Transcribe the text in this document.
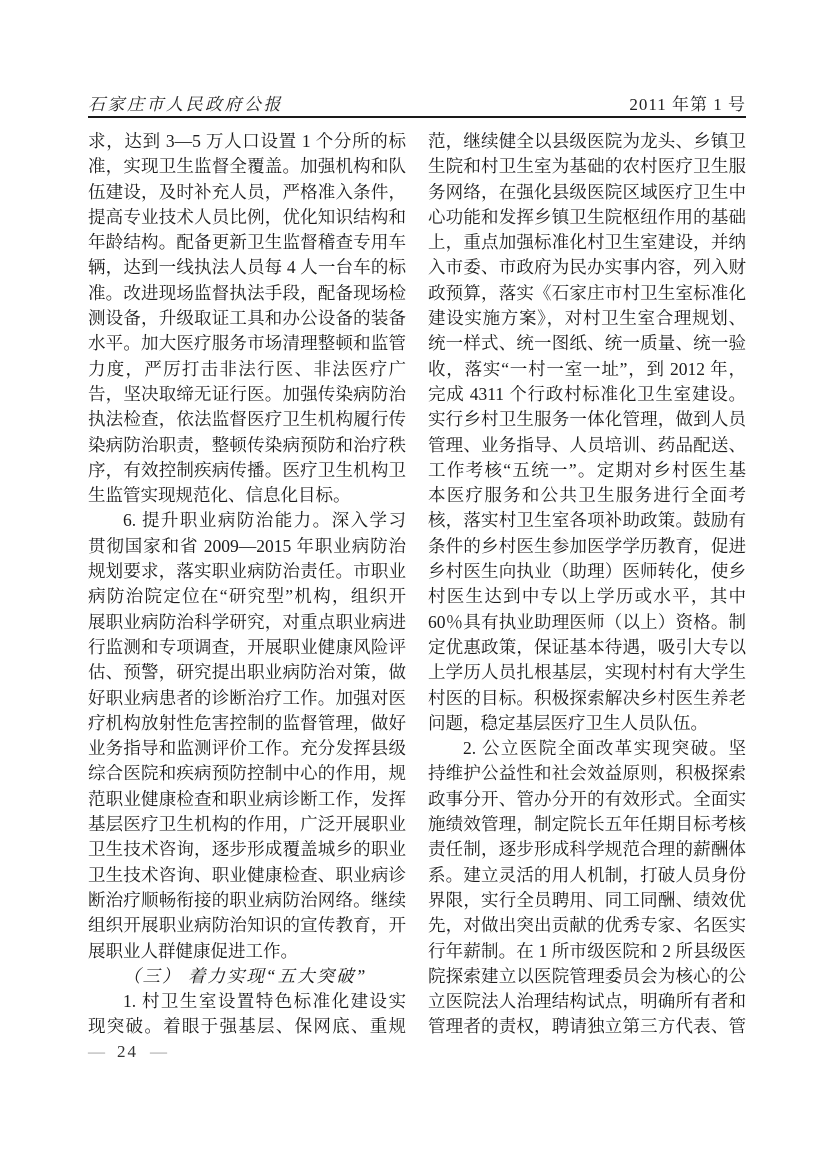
石家庄市人民政府公报	2011 年第 1 号
求，达到 3—5 万人口设置 1 个分所的标
准，实现卫生监督全覆盖。加强机构和队
伍建设，及时补充人员，严格准入条件，
提高专业技术人员比例，优化知识结构和
年龄结构。配备更新卫生监督稽查专用车
辆，达到一线执法人员每 4 人一台车的标
准。改进现场监督执法手段，配备现场检
测设备，升级取证工具和办公设备的装备
水平。加大医疗服务市场清理整顿和监管
力度，严厉打击非法行医、非法医疗广
告，坚决取缔无证行医。加强传染病防治
执法检查，依法监督医疗卫生机构履行传
染病防治职责，整顿传染病预防和治疗秩
序，有效控制疾病传播。医疗卫生机构卫
生监管实现规范化、信息化目标。
6. 提升职业病防治能力。深入学习
贯彻国家和省 2009—2015 年职业病防治
规划要求，落实职业病防治责任。市职业
病防治院定位在“研究型”机构，组织开
展职业病防治科学研究，对重点职业病进
行监测和专项调查，开展职业健康风险评
估、预警，研究提出职业病防治对策，做
好职业病患者的诊断治疗工作。加强对医
疗机构放射性危害控制的监督管理，做好
业务指导和监测评价工作。充分发挥县级
综合医院和疾病预防控制中心的作用，规
范职业健康检查和职业病诊断工作，发挥
基层医疗卫生机构的作用，广泛开展职业
卫生技术咨询，逐步形成覆盖城乡的职业
卫生技术咨询、职业健康检查、职业病诊
断治疗顺畅衔接的职业病防治网络。继续
组织开展职业病防治知识的宣传教育，开
展职业人群健康促进工作。
（三） 着力实现“五大突破”
1. 村卫生室设置特色标准化建设实
现突破。着眼于强基层、保网底、重规
范，继续健全以县级医院为龙头、乡镇卫
生院和村卫生室为基础的农村医疗卫生服
务网络，在强化县级医院区域医疗卫生中
心功能和发挥乡镇卫生院枢纽作用的基础
上，重点加强标准化村卫生室建设，并纳
入市委、市政府为民办实事内容，列入财
政预算，落实《石家庄市村卫生室标准化
建设实施方案》，对村卫生室合理规划、
统一样式、统一图纸、统一质量、统一验
收，落实“一村一室一址”，到 2012 年，
完成 4311 个行政村标准化卫生室建设。
实行乡村卫生服务一体化管理，做到人员
管理、业务指导、人员培训、药品配送、
工作考核“五统一”。定期对乡村医生基
本医疗服务和公共卫生服务进行全面考
核，落实村卫生室各项补助政策。鼓励有
条件的乡村医生参加医学学历教育，促进
乡村医生向执业（助理）医师转化，使乡
村医生达到中专以上学历或水平，其中
60％具有执业助理医师（以上）资格。制
定优惠政策，保证基本待遇，吸引大专以
上学历人员扎根基层，实现村村有大学生
村医的目标。积极探索解决乡村医生养老
问题，稳定基层医疗卫生人员队伍。
2. 公立医院全面改革实现突破。坚
持维护公益性和社会效益原则，积极探索
政事分开、管办分开的有效形式。全面实
施绩效管理，制定院长五年任期目标考核
责任制，逐步形成科学规范合理的薪酬体
系。建立灵活的用人机制，打破人员身份
界限，实行全员聘用、同工同酬、绩效优
先，对做出突出贡献的优秀专家、名医实
行年薪制。在 1 所市级医院和 2 所县级医
院探索建立以医院管理委员会为核心的公
立医院法人治理结构试点，明确所有者和
管理者的责权，聘请独立第三方代表、管
— 24 —
